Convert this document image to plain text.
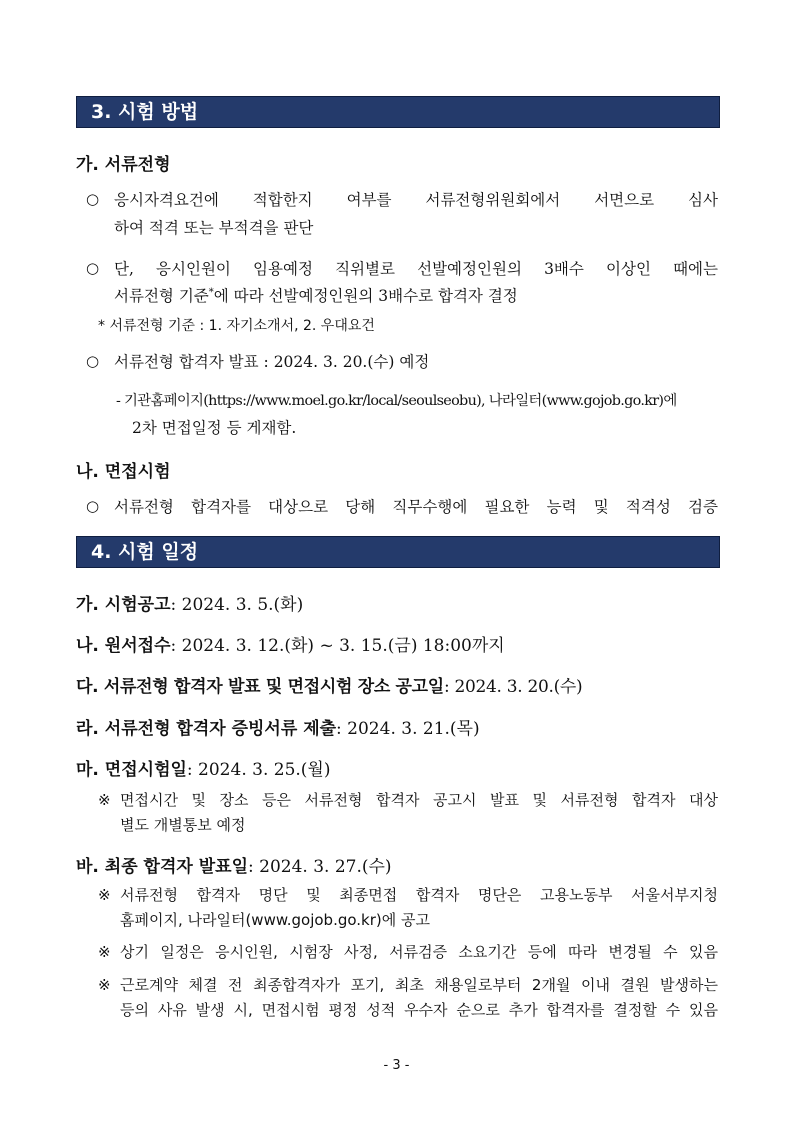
3. 시험 방법
가. 서류전형
○ 응시자격요건에 적합한지 여부를 서류전형위원회에서 서면으로 심사
하여 적격 또는 부적격을 판단
○ 단, 응시인원이 임용예정 직위별로 선발예정인원의 3배수 이상인 때에는
서류전형 기준*에 따라 선발예정인원의 3배수로 합격자 결정
* 서류전형 기준 : 1. 자기소개서, 2. 우대요건
○ 서류전형 합격자 발표 : 2024. 3. 20.(수) 예정
- 기관홈페이지(https://www.moel.go.kr/local/seoulseobu), 나라일터(www.gojob.go.kr)에
2차 면접일정 등 게재함.
나. 면접시험
○ 서류전형 합격자를 대상으로 당해 직무수행에 필요한 능력 및 적격성 검증
4. 시험 일정
가. 시험공고: 2024. 3. 5.(화)
나. 원서접수: 2024. 3. 12.(화) ~ 3. 15.(금) 18:00까지
다. 서류전형 합격자 발표 및 면접시험 장소 공고일: 2024. 3. 20.(수)
라. 서류전형 합격자 증빙서류 제출: 2024. 3. 21.(목)
마. 면접시험일: 2024. 3. 25.(월)
※ 면접시간 및 장소 등은 서류전형 합격자 공고시 발표 및 서류전형 합격자 대상
별도 개별통보 예정
바. 최종 합격자 발표일: 2024. 3. 27.(수)
※ 서류전형 합격자 명단 및 최종면접 합격자 명단은 고용노동부 서울서부지청
홈페이지, 나라일터(www.gojob.go.kr)에 공고
※ 상기 일정은 응시인원, 시험장 사정, 서류검증 소요기간 등에 따라 변경될 수 있음
※ 근로계약 체결 전 최종합격자가 포기, 최초 채용일로부터 2개월 이내 결원 발생하는
등의 사유 발생 시, 면접시험 평정 성적 우수자 순으로 추가 합격자를 결정할 수 있음
- 3 -
